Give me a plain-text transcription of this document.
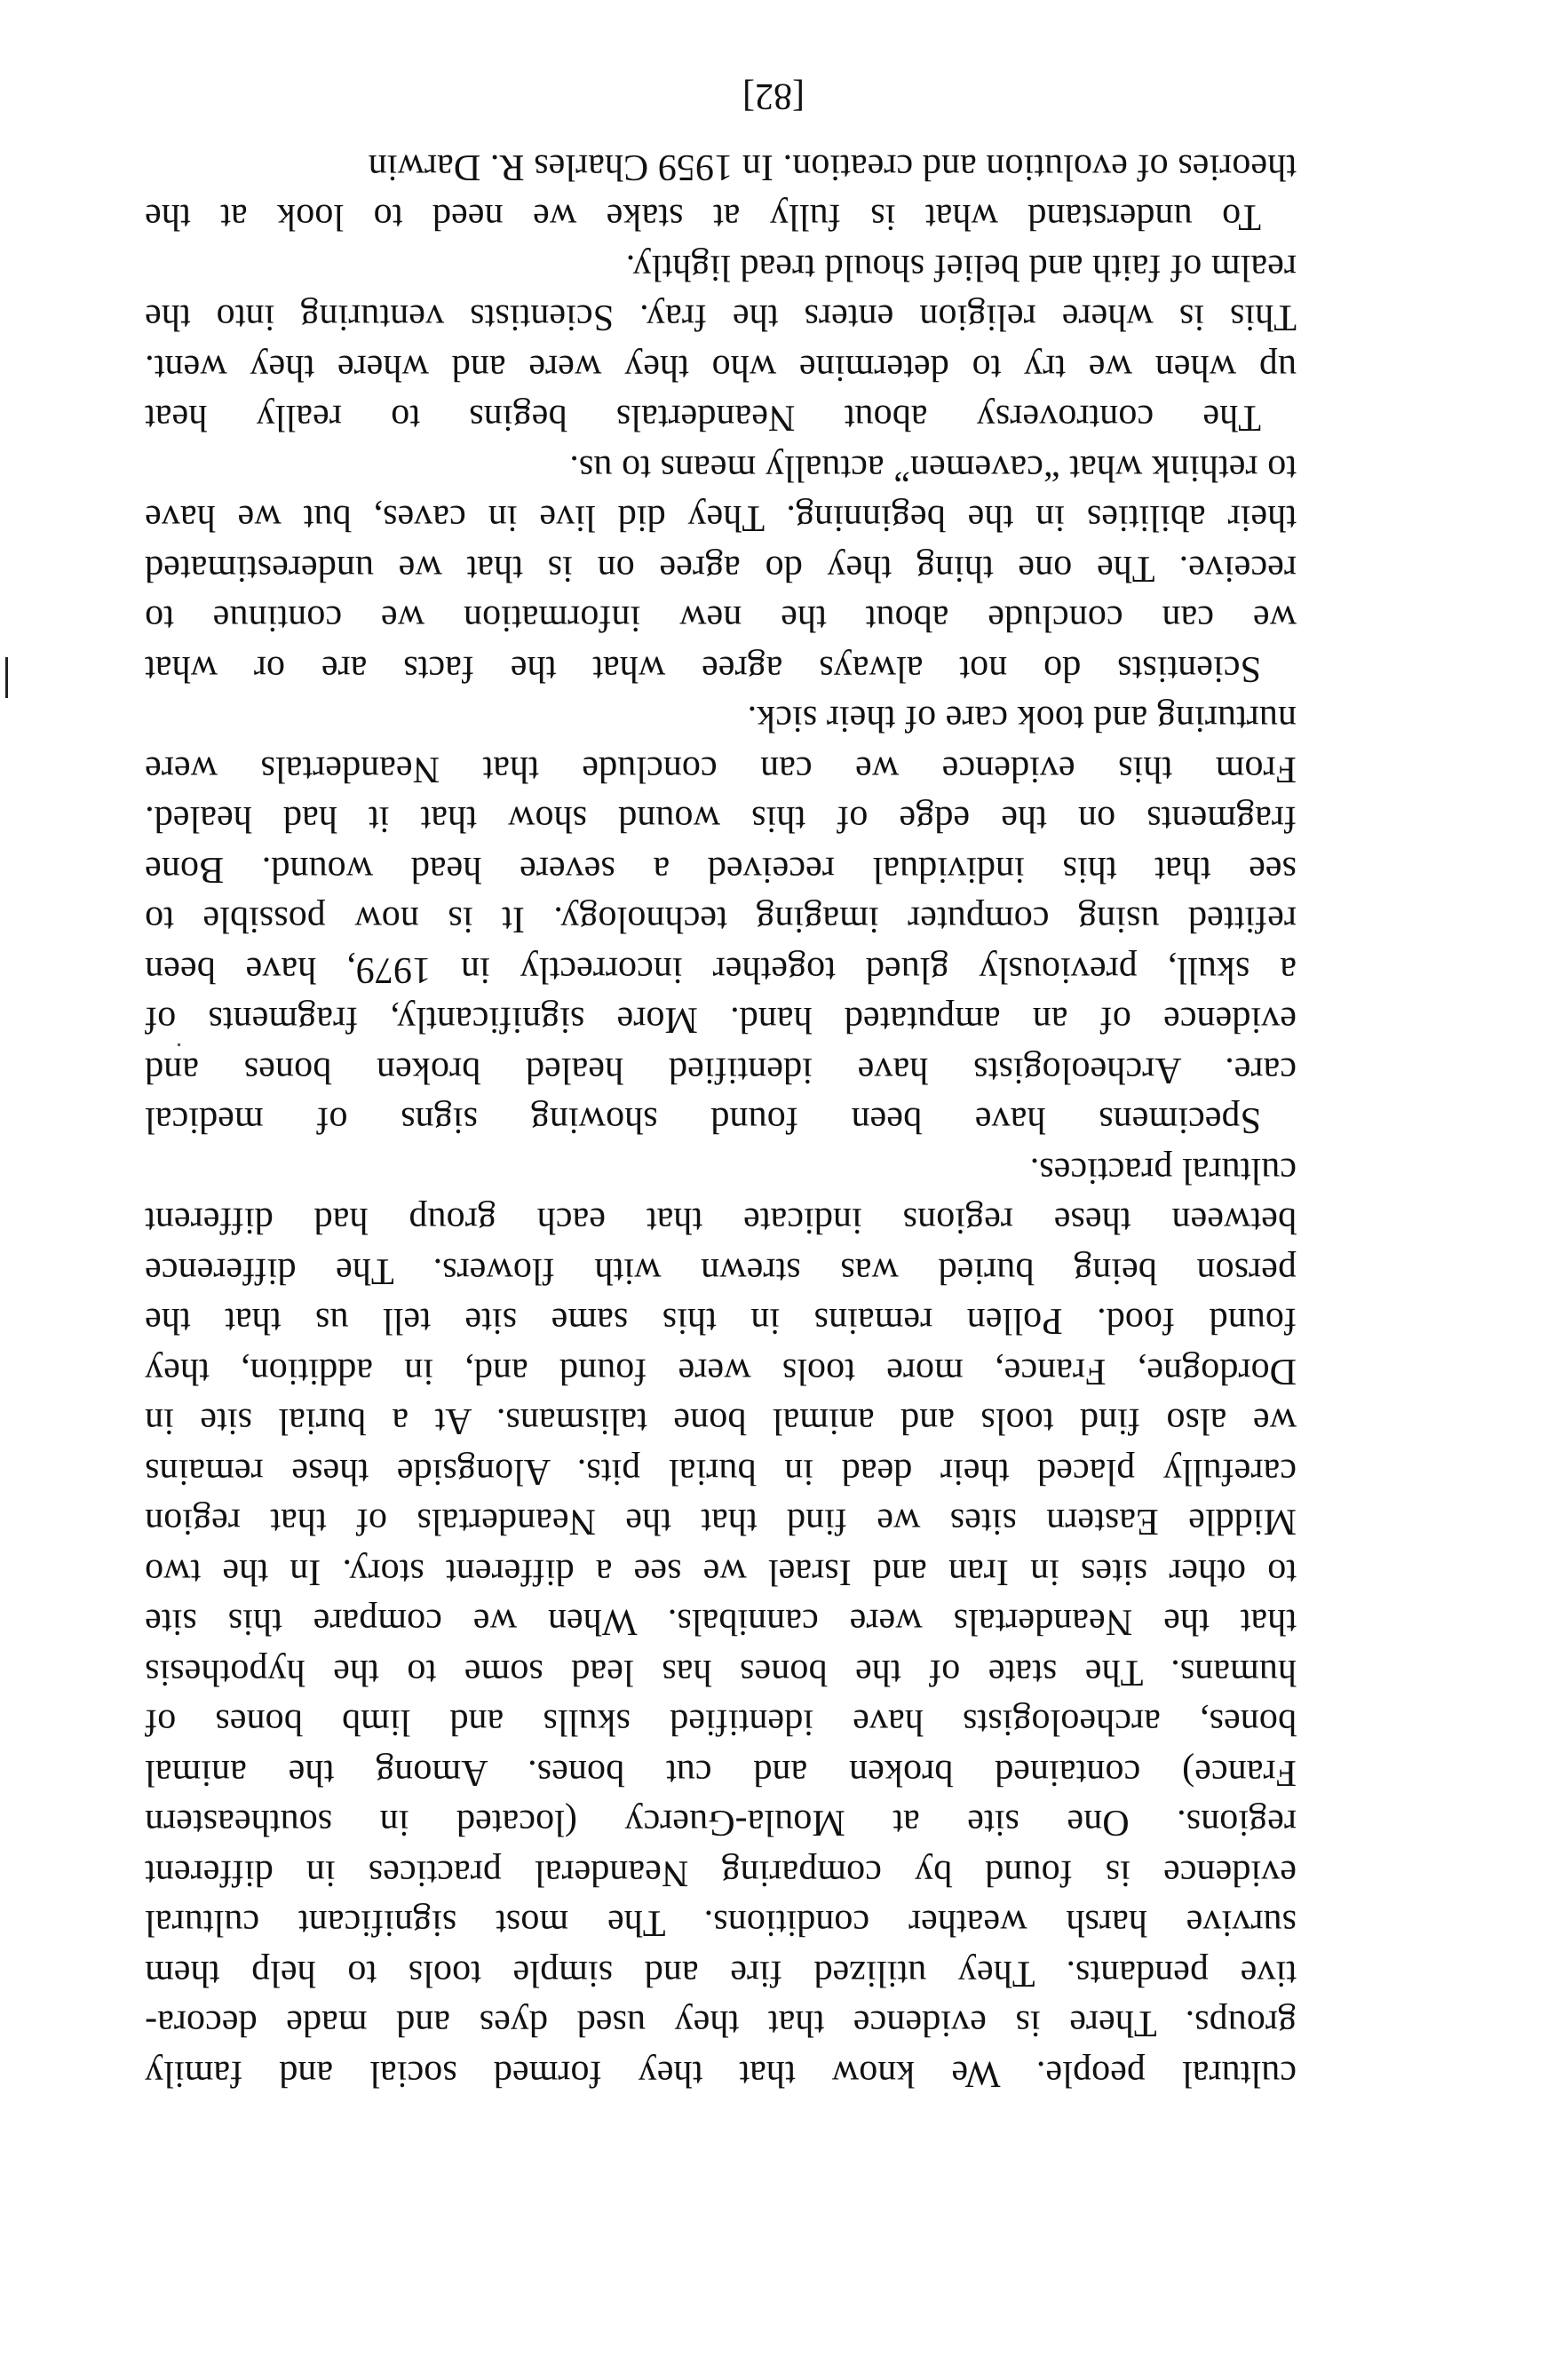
cultural people. We know that they formed social and family
groups. There is evidence that they used dyes and made decora-
tive pendants. They utilized fire and simple tools to help them
survive harsh weather conditions. The most significant cultural
evidence is found by comparing Neanderal practices in different
regions. One site at Moula-Guercy (located in southeastern
France) contained broken and cut bones. Among the animal
bones, archeologists have identified skulls and limb bones of
humans. The state of the bones has lead some to the hypothesis
that the Neandertals were cannibals. When we compare this site
to other sites in Iran and Israel we see a different story. In the two
Middle Eastern sites we find that the Neandertals of that region
carefully placed their dead in burial pits. Alongside these remains
we also find tools and animal bone talismans. At a burial site in
Dordogne, France, more tools were found and, in addition, they
found food. Pollen remains in this same site tell us that the
person being buried was strewn with flowers. The difference
between these regions indicate that each group had different
cultural practices.
Specimens have been found showing signs of medical
care. Archeologists have identified healed broken bones and
evidence of an amputated hand. More significantly, fragments of
a skull, previously glued together incorrectly in 1979, have been
refitted using computer imaging technology. It is now possible to
see that this individual received a severe head wound. Bone
fragments on the edge of this wound show that it had healed.
From this evidence we can conclude that Neandertals were
nurturing and took care of their sick.
Scientists do not always agree what the facts are or what
we can conclude about the new information we continue to
receive. The one thing they do agree on is that we underestimated
their abilities in the beginning. They did live in caves, but we have
to rethink what “cavemen” actually means to us.
The controversy about Neandertals begins to really heat
up when we try to determine who they were and where they went.
This is where religion enters the fray. Scientists venturing into the
realm of faith and belief should tread lightly.
To understand what is fully at stake we need to look at the
theories of evolution and creation. In 1959 Charles R. Darwin
[82]
